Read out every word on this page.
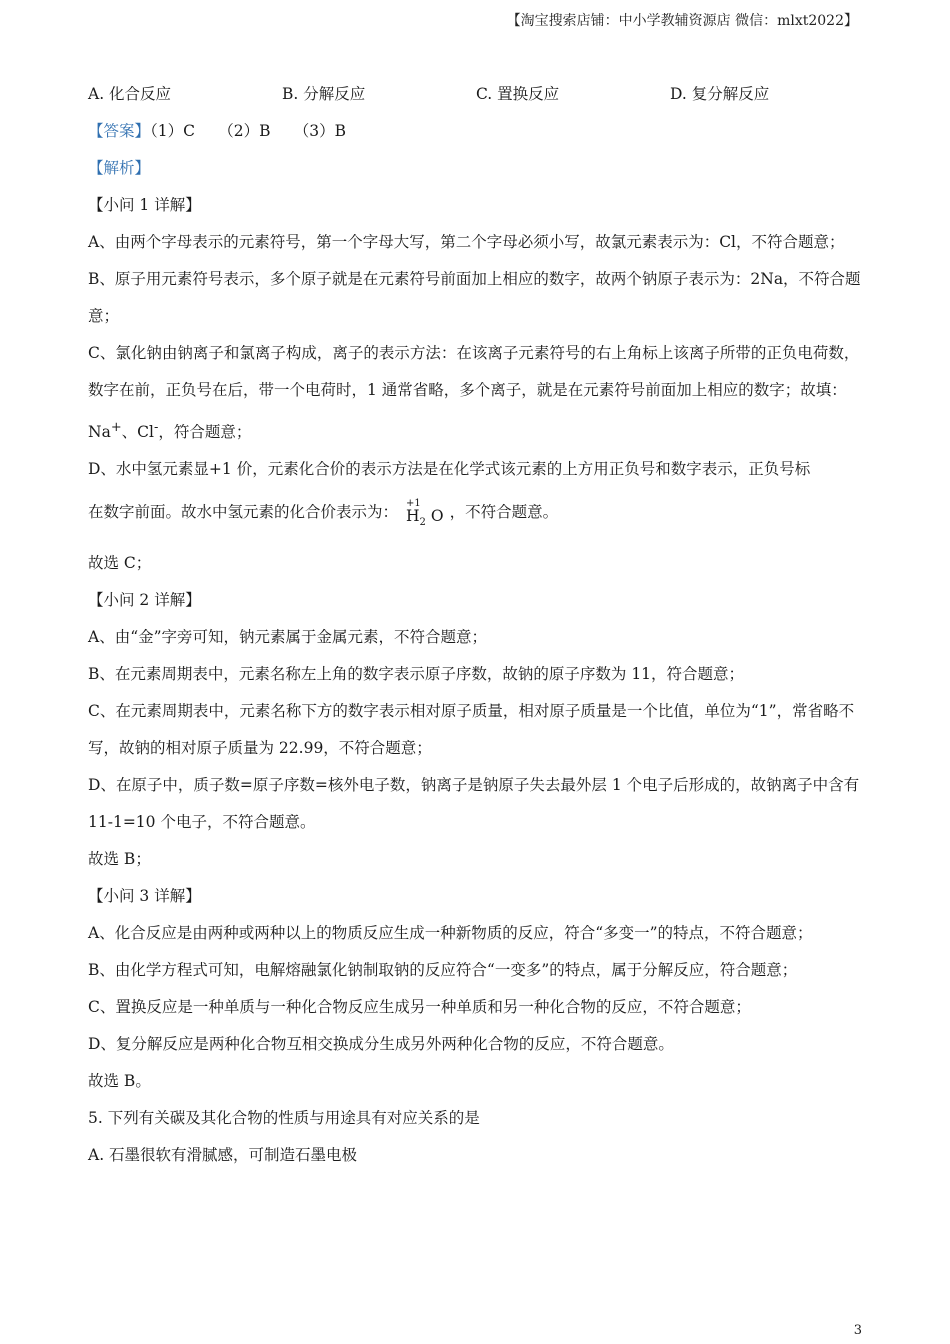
【淘宝搜索店铺：中小学教辅资源店 微信：mlxt2022】
A. 化合反应	B. 分解反应	C. 置换反应	D. 复分解反应
【答案】（1）C　　（2）B　　（3）B
【解析】
【小问 1 详解】
A、由两个字母表示的元素符号，第一个字母大写，第二个字母必须小写，故氯元素表示为：Cl，不符合题意；
B、原子用元素符号表示，多个原子就是在元素符号前面加上相应的数字，故两个钠原子表示为：2Na，不符合题意；
C、氯化钠由钠离子和氯离子构成，离子的表示方法：在该离子元素符号的右上角标上该离子所带的正负电荷数，数字在前，正负号在后，带一个电荷时，1 通常省略，多个离子，就是在元素符号前面加上相应的数字；故填：Na+、Cl-，符合题意；
D、水中氢元素显+1 价，元素化合价的表示方法是在化学式该元素的上方用正负号和数字表示，正负号标
在数字前面。故水中氢元素的化合价表示为： +1
$H_2$ O ，不符合题意。
故选 C；
【小问 2 详解】
A、由“金”字旁可知，钠元素属于金属元素，不符合题意；
B、在元素周期表中，元素名称左上角的数字表示原子序数，故钠的原子序数为 11，符合题意；
C、在元素周期表中，元素名称下方的数字表示相对原子质量，相对原子质量是一个比值，单位为“1”，常省略不写，故钠的相对原子质量为 22.99，不符合题意；
D、在原子中，质子数=原子序数=核外电子数，钠离子是钠原子失去最外层 1 个电子后形成的，故钠离子中含有 11-1=10 个电子，不符合题意。
故选 B；
【小问 3 详解】
A、化合反应是由两种或两种以上的物质反应生成一种新物质的反应，符合“多变一”的特点，不符合题意；
B、由化学方程式可知，电解熔融氯化钠制取钠的反应符合“一变多”的特点，属于分解反应，符合题意；
C、置换反应是一种单质与一种化合物反应生成另一种单质和另一种化合物的反应，不符合题意；
D、复分解反应是两种化合物互相交换成分生成另外两种化合物的反应，不符合题意。
故选 B。
5. 下列有关碳及其化合物的性质与用途具有对应关系的是
A. 石墨很软有滑腻感，可制造石墨电极
3
